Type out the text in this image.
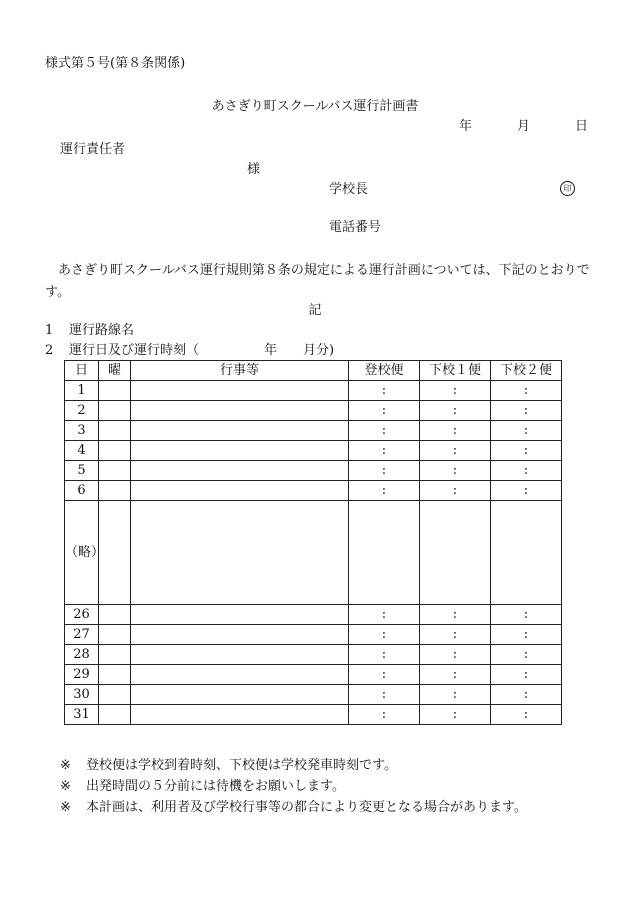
様式第５号(第８条関係)
あさぎり町スクールバス運行計画書
年	月	日
運行責任者
様
学校長	印
電話番号
あさぎり町スクールバス運行規則第８条の規定による運行計画については、下記のとおりです。
記
1 運行路線名
2 運行日及び運行時刻（　　　　　年　　月分)
日	曜	行事等	登校便	下校１便	下校２便
1			:	:	:
2			:	:	:
3			:	:	:
4			:	:	:
5			:	:	:
6			:	:	:
（略）					
26			:	:	:
27			:	:	:
28			:	:	:
29			:	:	:
30			:	:	:
31			:	:	:
※ 登校便は学校到着時刻、下校便は学校発車時刻です。
※ 出発時間の５分前には待機をお願いします。
※ 本計画は、利用者及び学校行事等の都合により変更となる場合があります。
